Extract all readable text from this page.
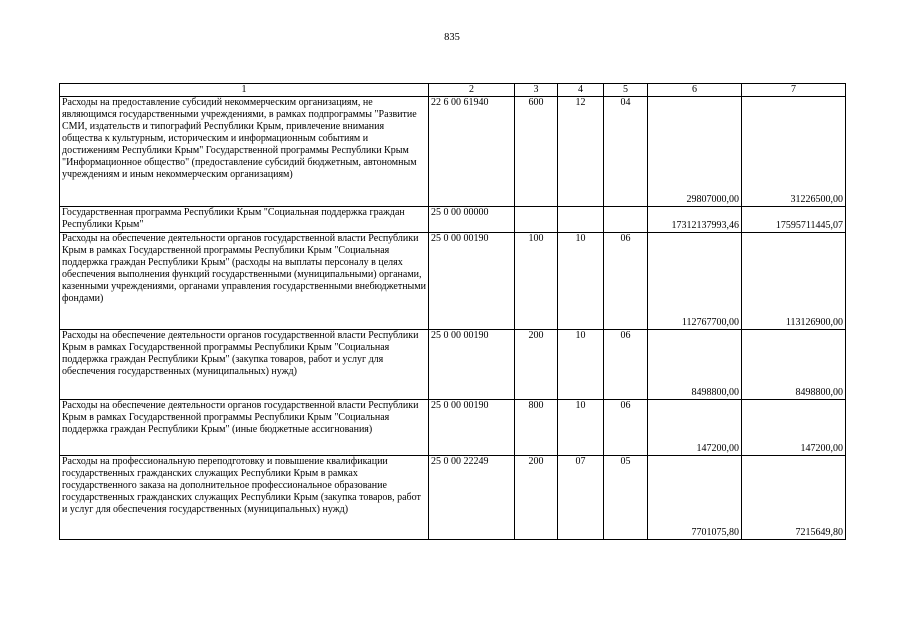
835
1	2	3	4	5	6	7
Расходы на предоставление субсидий некоммерческим организациям, не являющимся государственными учреждениями, в рамках подпрограммы "Развитие СМИ, издательств и типографий Республики Крым, привлечение внимания общества к культурным, историческим и информационным событиям и достижениям Республики Крым" Государственной программы Республики Крым "Информационное общество" (предоставление субсидий бюджетным, автономным учреждениям и иным некоммерческим организациям)	22 6 00 61940	600	12	04	29807000,00	31226500,00
Государственная программа Республики Крым "Социальная поддержка граждан Республики Крым"	25 0 00 00000				17312137993,46	17595711445,07
Расходы на обеспечение деятельности органов государственной власти Республики Крым в рамках Государственной программы Республики Крым "Социальная поддержка граждан Республики Крым" (расходы на выплаты персоналу в целях обеспечения выполнения функций государственными (муниципальными) органами, казенными учреждениями, органами управления государственными внебюджетными фондами)	25 0 00 00190	100	10	06	112767700,00	113126900,00
Расходы на обеспечение деятельности органов государственной власти Республики Крым в рамках Государственной программы Республики Крым "Социальная поддержка граждан Республики Крым" (закупка товаров, работ и услуг для обеспечения государственных (муниципальных) нужд)	25 0 00 00190	200	10	06	8498800,00	8498800,00
Расходы на обеспечение деятельности органов государственной власти Республики Крым в рамках Государственной программы Республики Крым "Социальная поддержка граждан Республики Крым" (иные бюджетные ассигнования)	25 0 00 00190	800	10	06	147200,00	147200,00
Расходы на профессиональную переподготовку и повышение квалификации государственных гражданских служащих Республики Крым в рамках государственного заказа на дополнительное профессиональное образование государственных гражданских служащих Республики Крым (закупка товаров, работ и услуг для обеспечения государственных (муниципальных) нужд)	25 0 00 22249	200	07	05	7701075,80	7215649,80
